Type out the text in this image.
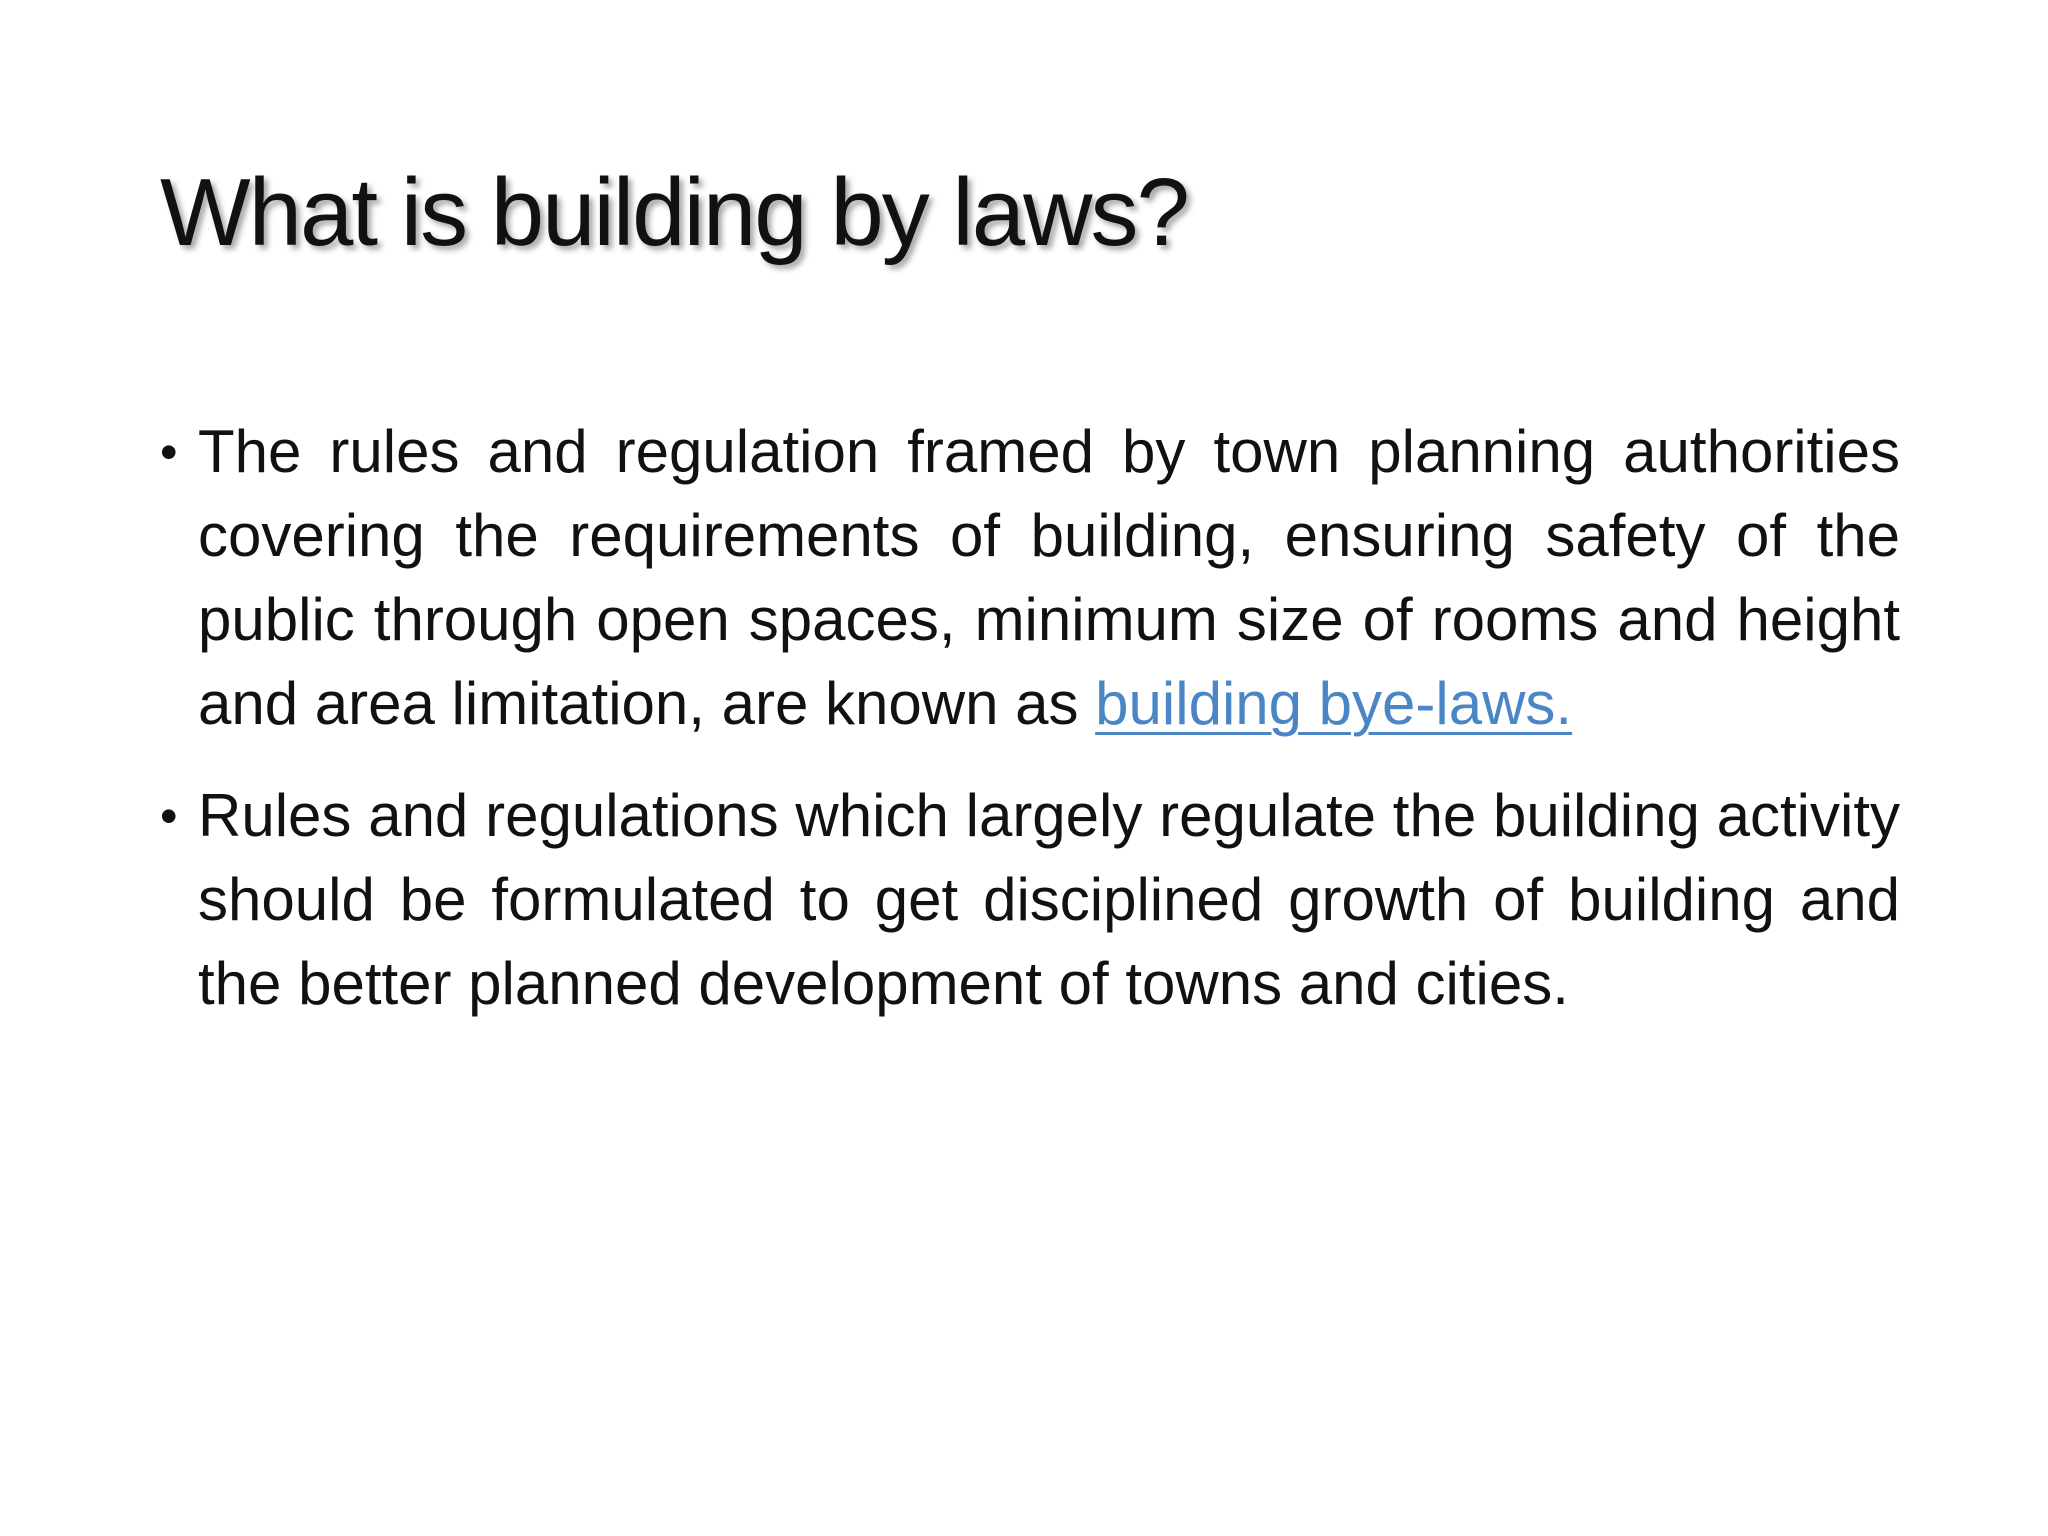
What is building by laws?
• The rules and regulation framed by town planning authorities covering the requirements of building, ensuring safety of the public through open spaces, minimum size of rooms and height and area limitation, are known as building bye-laws.
• Rules and regulations which largely regulate the building activity should be formulated to get disciplined growth of building and the better planned development of towns and cities.
